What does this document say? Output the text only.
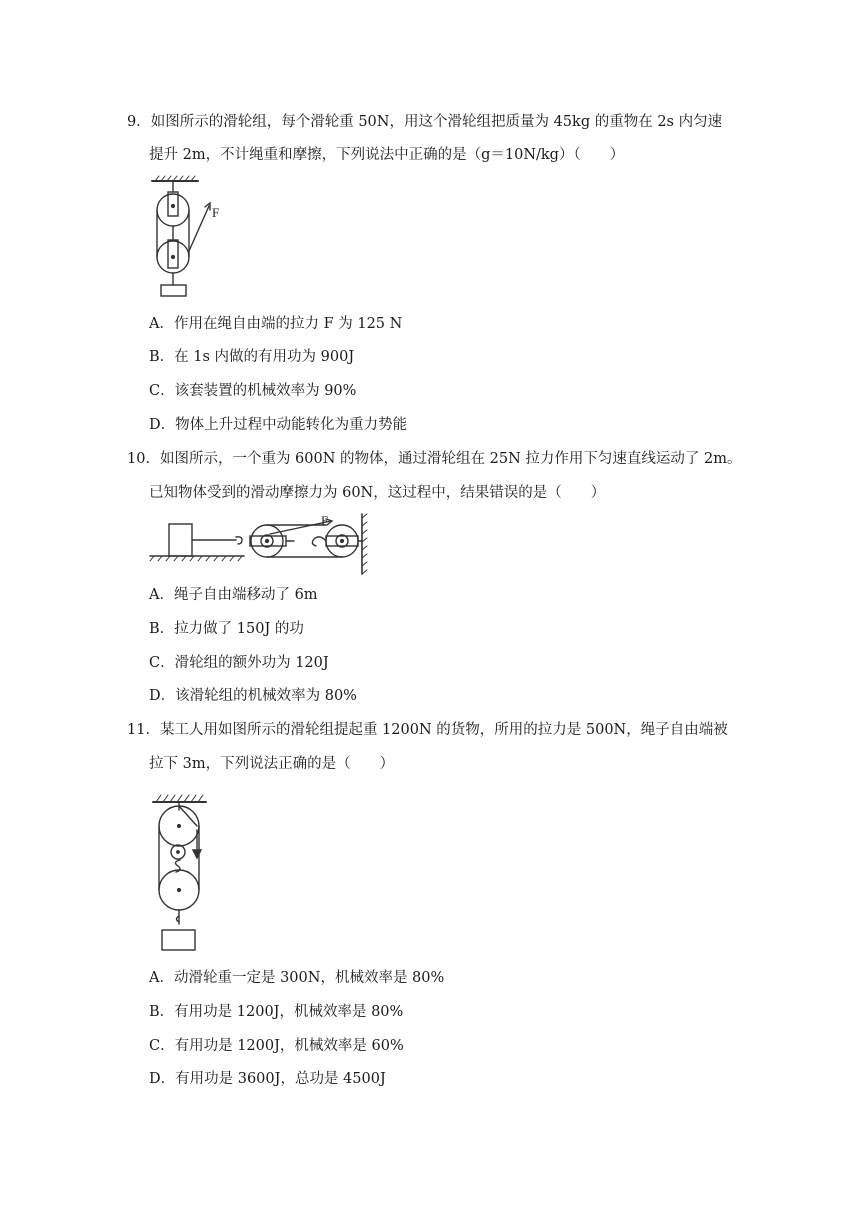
9．如图所示的滑轮组，每个滑轮重 50N，用这个滑轮组把质量为 45kg 的重物在 2s 内匀速
提升 2m，不计绳重和摩擦，下列说法中正确的是（g＝10N/kg）（　　）
F
A．作用在绳自由端的拉力 F 为 125 N
B．在 1s 内做的有用功为 900J
C．该套装置的机械效率为 90%
D．物体上升过程中动能转化为重力势能
10．如图所示，一个重为 600N 的物体，通过滑轮组在 25N 拉力作用下匀速直线运动了 2m。
已知物体受到的滑动摩擦力为 60N，这过程中，结果错误的是（　　）
F
A．绳子自由端移动了 6m
B．拉力做了 150J 的功
C．滑轮组的额外功为 120J
D．该滑轮组的机械效率为 80%
11．某工人用如图所示的滑轮组提起重 1200N 的货物，所用的拉力是 500N，绳子自由端被
拉下 3m，下列说法正确的是（　　）
A．动滑轮重一定是 300N，机械效率是 80%
B．有用功是 1200J，机械效率是 80%
C．有用功是 1200J，机械效率是 60%
D．有用功是 3600J，总功是 4500J
